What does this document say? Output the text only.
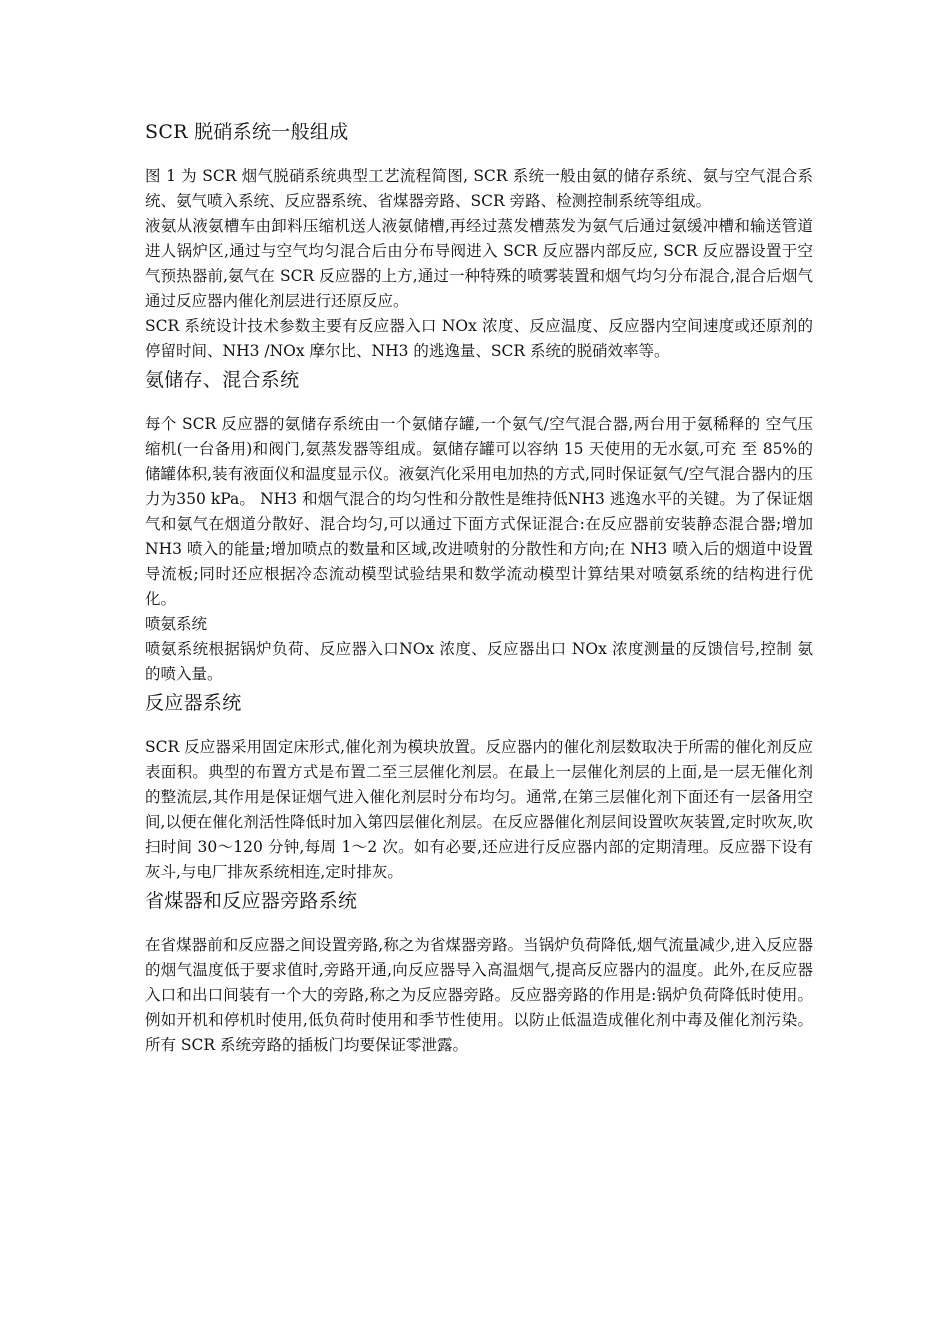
SCR 脱硝系统一般组成

图 1 为 SCR 烟气脱硝系统典型工艺流程简图, SCR 系统一般由氨的储存系统、氨与空气混合系统、氨气喷入系统、反应器系统、省煤器旁路、SCR 旁路、检测控制系统等组成。

液氨从液氨槽车由卸料压缩机送人液氨储槽,再经过蒸发槽蒸发为氨气后通过氨缓冲槽和输送管道进人锅炉区,通过与空气均匀混合后由分布导阀进入 SCR 反应器内部反应, SCR 反应器设置于空气预热器前,氨气在 SCR 反应器的上方,通过一种特殊的喷雾装置和烟气均匀分布混合,混合后烟气通过反应器内催化剂层进行还原反应。

SCR 系统设计技术参数主要有反应器入口 NOx 浓度、反应温度、反应器内空间速度或还原剂的停留时间、NH3 /NOx 摩尔比、NH3 的逃逸量、SCR 系统的脱硝效率等。

氨储存、混合系统

每个 SCR 反应器的氨储存系统由一个氨储存罐,一个氨气/空气混合器,两台用于氨稀释的 空气压缩机(一台备用)和阀门,氨蒸发器等组成。氨储存罐可以容纳 15 天使用的无水氨,可充 至 85%的储罐体积,装有液面仪和温度显示仪。液氨汽化采用电加热的方式,同时保证氨气/空气混合器内的压力为350 kPa。 NH3 和烟气混合的均匀性和分散性是维持低NH3 逃逸水平的关键。为了保证烟气和氨气在烟道分散好、混合均匀,可以通过下面方式保证混合:在反应器前安装静态混合器;增加 NH3 喷入的能量;增加喷点的数量和区域,改进喷射的分散性和方向;在 NH3 喷入后的烟道中设置导流板;同时还应根据冷态流动模型试验结果和数学流动模型计算结果对喷氨系统的结构进行优化。

喷氨系统

喷氨系统根据锅炉负荷、反应器入口NOx 浓度、反应器出口 NOx 浓度测量的反馈信号,控制 氨的喷入量。

反应器系统

SCR 反应器采用固定床形式,催化剂为模块放置。反应器内的催化剂层数取决于所需的催化剂反应表面积。典型的布置方式是布置二至三层催化剂层。在最上一层催化剂层的上面,是一层无催化剂的整流层,其作用是保证烟气进入催化剂层时分布均匀。通常,在第三层催化剂下面还有一层备用空间,以便在催化剂活性降低时加入第四层催化剂层。在反应器催化剂层间设置吹灰装置,定时吹灰,吹扫时间 30～120 分钟,每周 1～2 次。如有必要,还应进行反应器内部的定期清理。反应器下设有灰斗,与电厂排灰系统相连,定时排灰。

省煤器和反应器旁路系统

在省煤器前和反应器之间设置旁路,称之为省煤器旁路。当锅炉负荷降低,烟气流量减少,进入反应器的烟气温度低于要求值时,旁路开通,向反应器导入高温烟气,提高反应器内的温度。此外,在反应器入口和出口间装有一个大的旁路,称之为反应器旁路。反应器旁路的作用是:锅炉负荷降低时使用。例如开机和停机时使用,低负荷时使用和季节性使用。以防止低温造成催化剂中毒及催化剂污染。所有 SCR 系统旁路的插板门均要保证零泄露。
